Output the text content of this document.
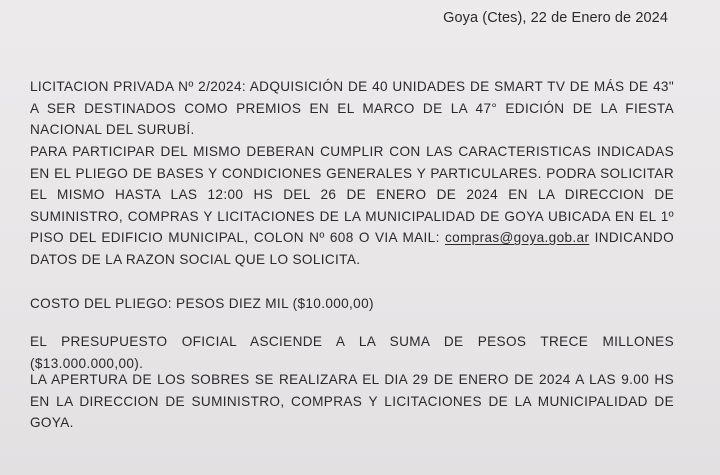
Goya (Ctes), 22 de Enero de 2024

LICITACION PRIVADA Nº 2/2024: ADQUISICIÓN DE 40 UNIDADES DE SMART TV DE MÁS DE 43" A SER DESTINADOS COMO PREMIOS EN EL MARCO DE LA 47° EDICIÓN DE LA FIESTA NACIONAL DEL SURUBÍ.

PARA PARTICIPAR DEL MISMO DEBERAN CUMPLIR CON LAS CARACTERISTICAS INDICADAS EN EL PLIEGO DE BASES Y CONDICIONES GENERALES Y PARTICULARES. PODRA SOLICITAR EL MISMO HASTA LAS 12:00 HS DEL 26 DE ENERO DE 2024 EN LA DIRECCION DE SUMINISTRO, COMPRAS Y LICITACIONES DE LA MUNICIPALIDAD DE GOYA UBICADA EN EL 1º PISO DEL EDIFICIO MUNICIPAL, COLON Nº 608 O VIA MAIL: compras@goya.gob.ar INDICANDO DATOS DE LA RAZON SOCIAL QUE LO SOLICITA.

COSTO DEL PLIEGO: PESOS DIEZ MIL ($10.000,00)

EL PRESUPUESTO OFICIAL ASCIENDE A LA SUMA DE PESOS TRECE MILLONES ($13.000.000,00).

LA APERTURA DE LOS SOBRES SE REALIZARA EL DIA 29 DE ENERO DE 2024 A LAS 9.00 HS EN LA DIRECCION DE SUMINISTRO, COMPRAS Y LICITACIONES DE LA MUNICIPALIDAD DE GOYA.
